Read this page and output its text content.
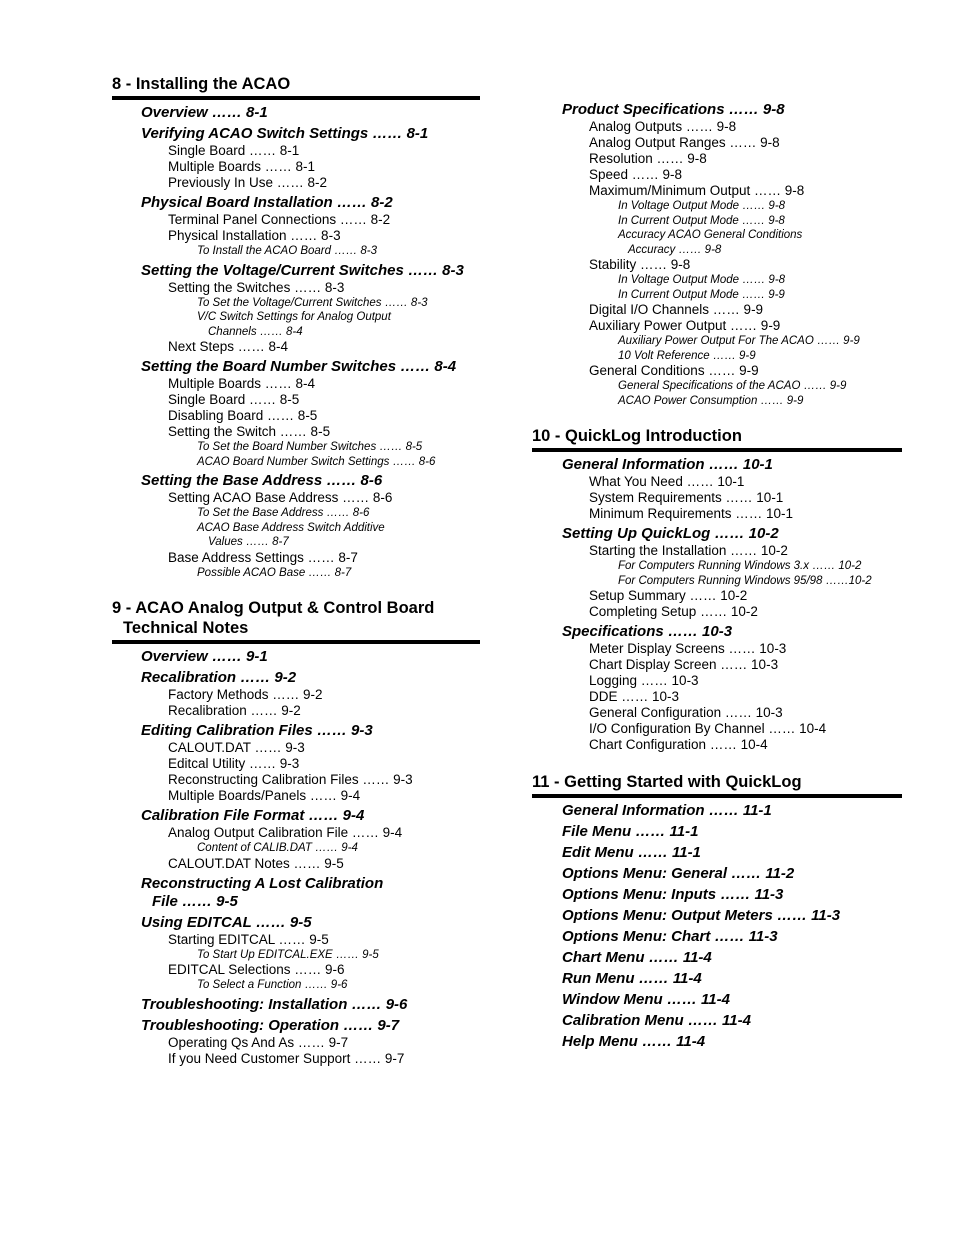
8 - Installing the ACAO
Overview …… 8-1
Verifying ACAO Switch Settings …… 8-1
Single Board …… 8-1
Multiple Boards …… 8-1
Previously In Use …… 8-2
Physical Board Installation …… 8-2
Terminal Panel Connections …… 8-2
Physical Installation …… 8-3
To Install the ACAO Board …… 8-3
Setting the Voltage/Current Switches …… 8-3
Setting the Switches …… 8-3
To Set the Voltage/Current Switches …… 8-3
V/C Switch Settings for Analog Output
Channels …… 8-4
Next Steps …… 8-4
Setting the Board Number Switches …… 8-4
Multiple Boards …… 8-4
Single Board …… 8-5
Disabling Board …… 8-5
Setting the Switch …… 8-5
To Set the Board Number Switches …… 8-5
ACAO Board Number Switch Settings …… 8-6
Setting the Base Address …… 8-6
Setting ACAO Base Address …… 8-6
To Set the Base Address …… 8-6
ACAO Base Address Switch Additive
Values …… 8-7
Base Address Settings …… 8-7
Possible ACAO Base …… 8-7
9 - ACAO Analog Output & Control Board
Technical Notes
Overview …… 9-1
Recalibration …… 9-2
Factory Methods …… 9-2
Recalibration …… 9-2
Editing Calibration Files …… 9-3
CALOUT.DAT …… 9-3
Editcal Utility …… 9-3
Reconstructing Calibration Files …… 9-3
Multiple Boards/Panels …… 9-4
Calibration File Format …… 9-4
Analog Output Calibration File …… 9-4
Content of CALIB.DAT …… 9-4
CALOUT.DAT Notes …… 9-5
Reconstructing A Lost Calibration
File …… 9-5
Using EDITCAL …… 9-5
Starting EDITCAL …… 9-5
To Start Up EDITCAL.EXE …… 9-5
EDITCAL Selections …… 9-6
To Select a Function …… 9-6
Troubleshooting: Installation …… 9-6
Troubleshooting: Operation …… 9-7
Operating Qs And As …… 9-7
If you Need Customer Support …… 9-7
Product Specifications …… 9-8
Analog Outputs …… 9-8
Analog Output Ranges …… 9-8
Resolution …… 9-8
Speed …… 9-8
Maximum/Minimum Output …… 9-8
In Voltage Output Mode …… 9-8
In Current Output Mode …… 9-8
Accuracy ACAO General Conditions
Accuracy …… 9-8
Stability …… 9-8
In Voltage Output Mode …… 9-8
In Current Output Mode …… 9-9
Digital I/O Channels …… 9-9
Auxiliary Power Output …… 9-9
Auxiliary Power Output For The ACAO …… 9-9
10 Volt Reference …… 9-9
General Conditions …… 9-9
General Specifications of the ACAO …… 9-9
ACAO Power Consumption …… 9-9
10 - QuickLog Introduction
General Information …… 10-1
What You Need …… 10-1
System Requirements …… 10-1
Minimum Requirements …… 10-1
Setting Up QuickLog …… 10-2
Starting the Installation …… 10-2
For Computers Running Windows 3.x …… 10-2
For Computers Running Windows 95/98 ……10-2
Setup Summary …… 10-2
Completing Setup …… 10-2
Specifications …… 10-3
Meter Display Screens …… 10-3
Chart Display Screen …… 10-3
Logging …… 10-3
DDE …… 10-3
General Configuration …… 10-3
I/O Configuration By Channel …… 10-4
Chart Configuration …… 10-4
11 - Getting Started with QuickLog
General Information …… 11-1
File Menu …… 11-1
Edit Menu …… 11-1
Options Menu: General …… 11-2
Options Menu: Inputs …… 11-3
Options Menu: Output Meters …… 11-3
Options Menu: Chart …… 11-3
Chart Menu …… 11-4
Run Menu …… 11-4
Window Menu …… 11-4
Calibration Menu …… 11-4
Help Menu …… 11-4
